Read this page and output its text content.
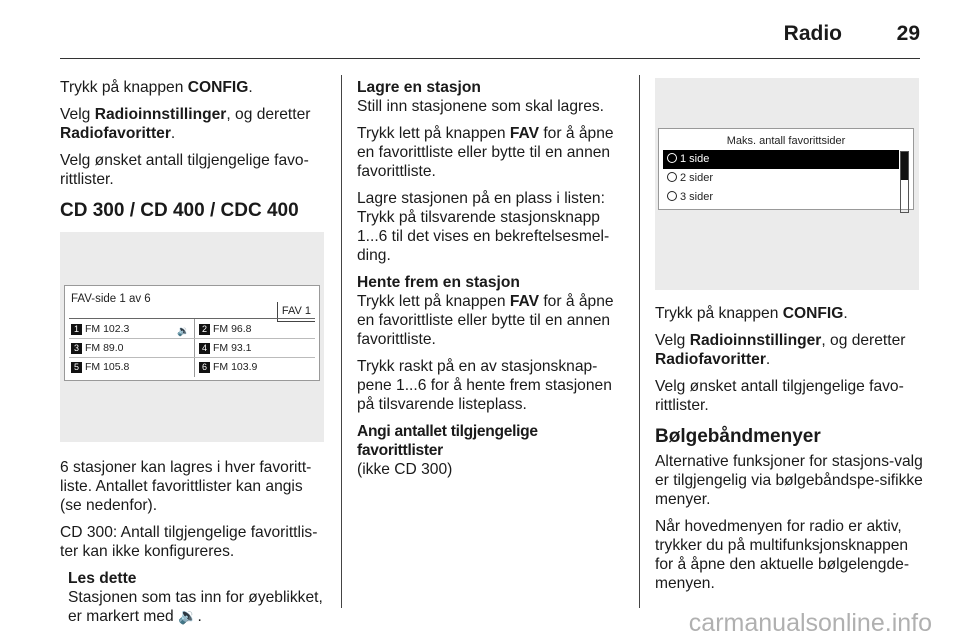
Radio	29

Trykk på knappen CONFIG.

Velg Radioinnstillinger, og deretter
Radiofavoritter.

Velg ønsket antall tilgjengelige favo-rittlister.

CD 300 / CD 400 / CDC 400
FAV-side 1 av 6
FAV 1
1 FM 102.3	🔉	2 FM 96.8
3 FM 89.0	4 FM 93.1
5 FM 105.8	6 FM 103.9

6 stasjoner kan lagres i hver favoritt-liste. Antallet favorittlister kan angis (se nedenfor).

CD 300: Antall tilgjengelige favorittlis-ter kan ikke konfigureres.

Les dette
Stasjonen som tas inn for øyeblikket, er markert med 🔉.
Lagre en stasjon

Still inn stasjonene som skal lagres.

Trykk lett på knappen FAV for å åpne en favorittliste eller bytte til en annen favorittliste.

Lagre stasjonen på en plass i listen: Trykk på tilsvarende stasjonsknapp 1...6 til det vises en bekreftelsesmel-ding.

Hente frem en stasjon

Trykk lett på knappen FAV for å åpne en favorittliste eller bytte til en annen favorittliste.

Trykk raskt på en av stasjonsknap-pene 1...6 for å hente frem stasjonen på tilsvarende listeplass.

Angi antallet tilgjengelige favorittlister

(ikke CD 300)

Maks. antall favorittsider
1 side
2 sider
3 sider

Trykk på knappen CONFIG.

Velg Radioinnstillinger, og deretter
Radiofavoritter.

Velg ønsket antall tilgjengelige favo-rittlister.

Bølgebåndmenyer

Alternative funksjoner for stasjons-valg er tilgjengelig via bølgebåndspe-sifikke menyer.

Når hovedmenyen for radio er aktiv, trykker du på multifunksjonsknappen for å åpne den aktuelle bølgelengde-menyen.

carmanualsonline.info
